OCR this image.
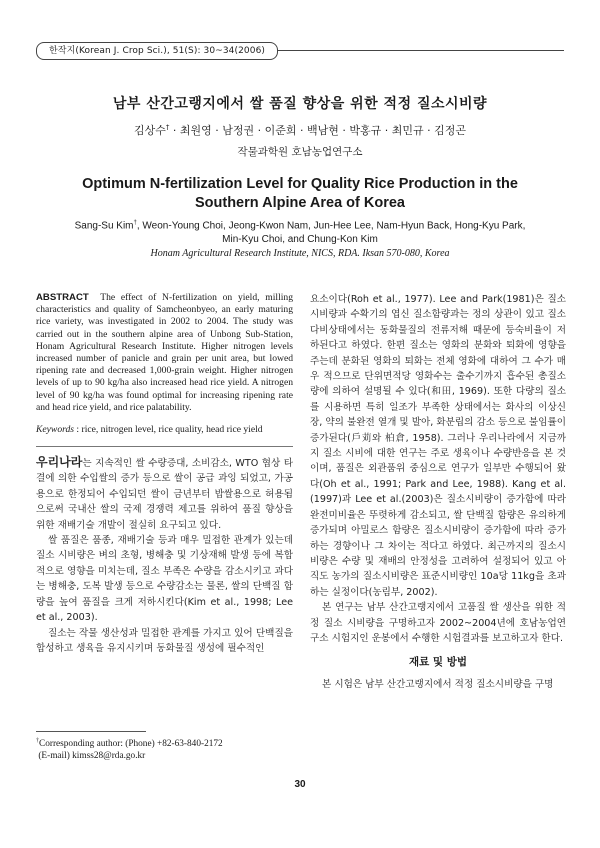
한작지(Korean J. Crop Sci.), 51(S): 30~34(2006)
남부 산간고랭지에서 쌀 품질 향상을 위한 적정 질소시비량
김상수† · 최원영 · 남정권 · 이준희 · 백남현 · 박홍규 · 최민규 · 김정곤
작물과학원 호남농업연구소
Optimum N-fertilization Level for Quality Rice Production in the Southern Alpine Area of Korea
Sang-Su Kim†, Weon-Young Choi, Jeong-Kwon Nam, Jun-Hee Lee, Nam-Hyun Back, Hong-Kyu Park, Min-Kyu Choi, and Chung-Kon Kim
Honam Agricultural Research Institute, NICS, RDA. Iksan 570-080, Korea

ABSTRACT The effect of N-fertilization on yield, milling characteristics and quality of Samcheonbyeo, an early maturing rice variety, was investigated in 2002 to 2004. The study was carried out in the southern alpine area of Unbong Sub-Station, Honam Agricultural Research Institute. Higher nitrogen levels increased number of panicle and grain per unit area, but lowed ripening rate and decreased 1,000-grain weight. Higher nitrogen levels of up to 90 kg/ha also increased head rice yield. A nitrogen level of 90 kg/ha was found optimal for increasing ripening rate and head rice yield, and rice palatability.

Keywords : rice, nitrogen level, rice quality, head rice yield

우리나라는 지속적인 쌀 수량증대, 소비감소, WTO 협상 타결에 의한 수입쌀의 증가 등으로 쌀이 공급 과잉 되었고, 가공용으로 한정되어 수입되던 쌀이 금년부터 밥쌀용으로 허용됨으로써 국내산 쌀의 국제 경쟁력 제고를 위하여 품질 향상을 위한 재배기술 개발이 절실히 요구되고 있다.

쌀 품질은 품종, 재배기술 등과 매우 밀접한 관계가 있는데 질소 시비량은 벼의 초형, 병해충 및 기상재해 발생 등에 복합적으로 영향을 미치는데, 질소 부족은 수량을 감소시키고 과다는 병해충, 도복 발생 등으로 수량감소는 물론, 쌀의 단백질 함량을 높여 품질을 크게 저하시킨다(Kim et al., 1998; Lee et al., 2003).

질소는 작물 생산성과 밀접한 관계를 가지고 있어 단백질을 합성하고 생육을 유지시키며 동화물질 생성에 필수적인

요소이다(Roh et al., 1977). Lee and Park(1981)은 질소시비량과 수확기의 엽신 질소함량과는 정의 상관이 있고 질소다비상태에서는 동화물질의 전류저해 때문에 등숙비율이 저하된다고 하였다. 한편 질소는 영화의 분화와 퇴화에 영향을 주는데 분화된 영화의 퇴화는 전체 영화에 대하여 그 수가 매우 적으므로 단위면적당 영화수는 출수기까지 흡수된 총질소량에 의하여 설명될 수 있다(和田, 1969). 또한 다량의 질소를 시용하면 특히 일조가 부족한 상태에서는 화사의 이상신장, 약의 불완전 열개 및 발아, 화분립의 감소 등으로 불임률이 증가된다(戶苅와 柏倉, 1958). 그러나 우리나라에서 지금까지 질소 시비에 대한 연구는 주로 생육이나 수량반응을 본 것이며, 품질은 외관품위 중심으로 연구가 일부만 수행되어 왔다(Oh et al., 1991; Park and Lee, 1988). Kang et al.(1997)과 Lee et al.(2003)은 질소시비량이 증가함에 따라 완전미비율은 뚜렷하게 감소되고, 쌀 단백질 함량은 유의하게 증가되며 아밀로스 함량은 질소시비량이 증가함에 따라 증가하는 경향이나 그 차이는 적다고 하였다. 최근까지의 질소시비량은 수량 및 재배의 안정성을 고려하여 설정되어 있고 아직도 농가의 질소시비량은 표준시비량인 10a당 11kg을 초과하는 실정이다(농림부, 2002).

본 연구는 남부 산간고랭지에서 고품질 쌀 생산을 위한 적정 질소 시비량을 구명하고자 2002~2004년에 호남농업연구소 시험지인 운봉에서 수행한 시험결과를 보고하고자 한다.

재료 및 방법

본 시험은 남부 산간고랭지에서 적정 질소시비량을 구명

†Corresponding author: (Phone) +82-63-840-2172

(E-mail) kimss28@rda.go.kr

30
